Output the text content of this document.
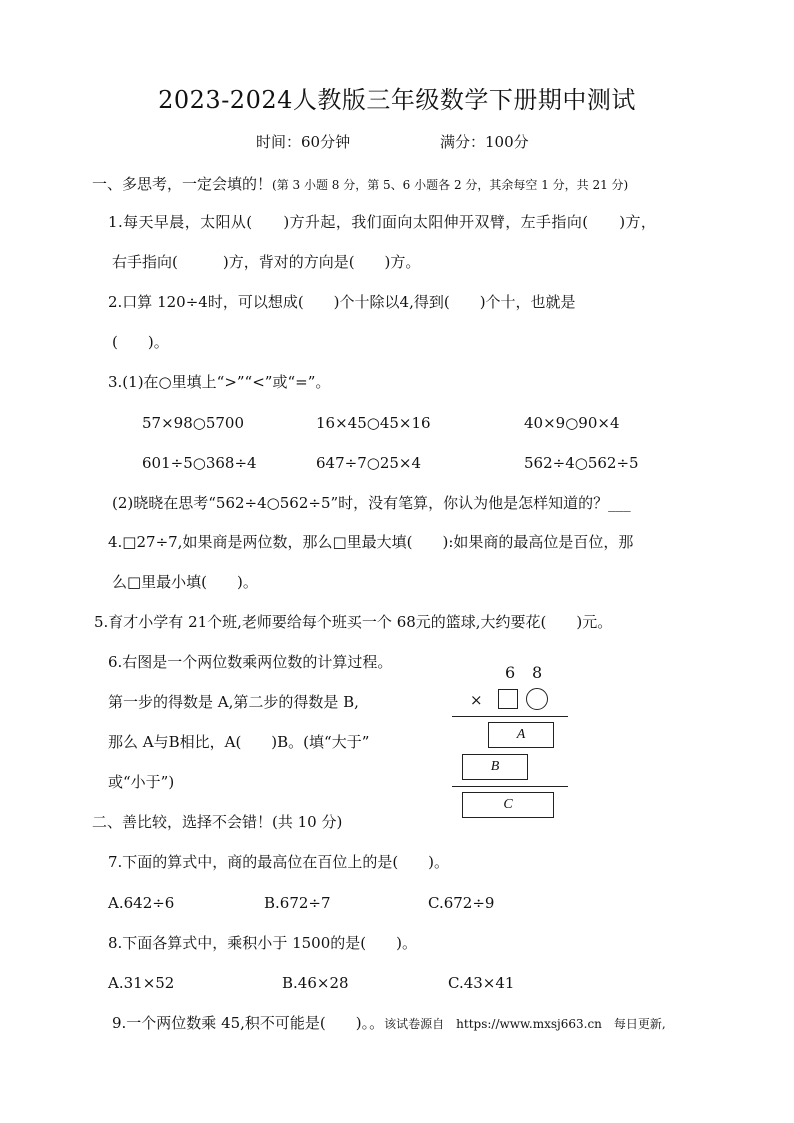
2023-2024人教版三年级数学下册期中测试
时间：60分钟	满分：100分
一、多思考，一定会填的！(第 3 小题 8 分，第 5、6 小题各 2 分，其余每空 1 分，共 21 分)
1.每天早晨，太阳从(　　)方升起，我们面向太阳伸开双臂，左手指向(　　)方，
右手指向(　　　)方，背对的方向是(　　)方。
2.口算 120÷4时，可以想成(　　)个十除以4,得到(　　)个十，也就是
(　　)。
3.(1)在○里填上“>”“<”或“=”。
57×98○5700	16×45○45×16	40×9○90×4
601÷5○368÷4	647÷7○25×4	562÷4○562÷5
(2)晓晓在思考“562÷4○562÷5”时，没有笔算，你认为他是怎样知道的？___
4.□27÷7,如果商是两位数，那么□里最大填(　　):如果商的最高位是百位，那
么□里最小填(　　)。
5.育才小学有 21个班,老师要给每个班买一个 68元的篮球,大约要花(　　)元。
6.右图是一个两位数乘两位数的计算过程。
第一步的得数是 A,第二步的得数是 B,
那么 A与B相比，A(　　)B。(填“大于”
或“小于”)
6 8
×
A
B
C
二、善比较，选择不会错！(共 10 分)
7.下面的算式中，商的最高位在百位上的是(　　)。
A.642÷6	B.672÷7	C.672÷9
8.下面各算式中，乘积小于 1500的是(　　)。
A.31×52	B.46×28	C.43×41
9.一个两位数乘 45,积不可能是(　　)。。该试卷源自　https://www.mxsj663.cn　每日更新,
